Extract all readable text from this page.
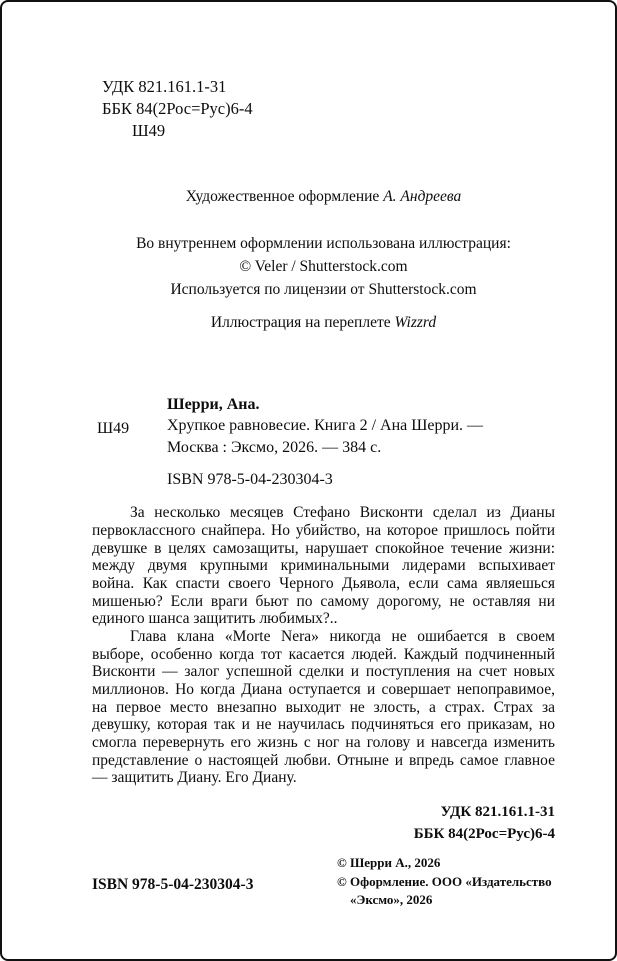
УДК 821.161.1-31
ББК 84(2Рос=Рус)6-4
Ш49
Художественное оформление А. Андреева
Во внутреннем оформлении использована иллюстрация:
© Veler / Shutterstock.com
Используется по лицензии от Shutterstock.com
Иллюстрация на переплете Wizzrd
Шерри, Ана.
Ш49 Хрупкое равновесие. Книга 2 / Ана Шерри. — Москва : Эксмо, 2026. — 384 с.
ISBN 978-5-04-230304-3

За несколько месяцев Стефано Висконти сделал из Дианы первоклассного снайпера. Но убийство, на которое пришлось пойти девушке в целях самозащиты, нарушает спокойное течение жизни: между двумя крупными криминальными лидерами вспыхивает война. Как спасти своего Черного Дьявола, если сама являешься мишенью? Если враги бьют по самому дорогому, не оставляя ни единого шанса защитить любимых?..

Глава клана «Morte Nera» никогда не ошибается в своем выборе, особенно когда тот касается людей. Каждый подчиненный Висконти — залог успешной сделки и поступления на счет новых миллионов. Но когда Диана оступается и совершает непоправимое, на первое место внезапно выходит не злость, а страх. Страх за девушку, которая так и не научилась подчиняться его приказам, но смогла перевернуть его жизнь с ног на голову и навсегда изменить представление о настоящей любви. Отныне и впредь самое главное — защитить Диану. Его Диану.

УДК 821.161.1-31
ББК 84(2Рос=Рус)6-4
ISBN 978-5-04-230304-3

© Шерри А., 2026

© Оформление. ООО «Издательство «Эксмо», 2026
